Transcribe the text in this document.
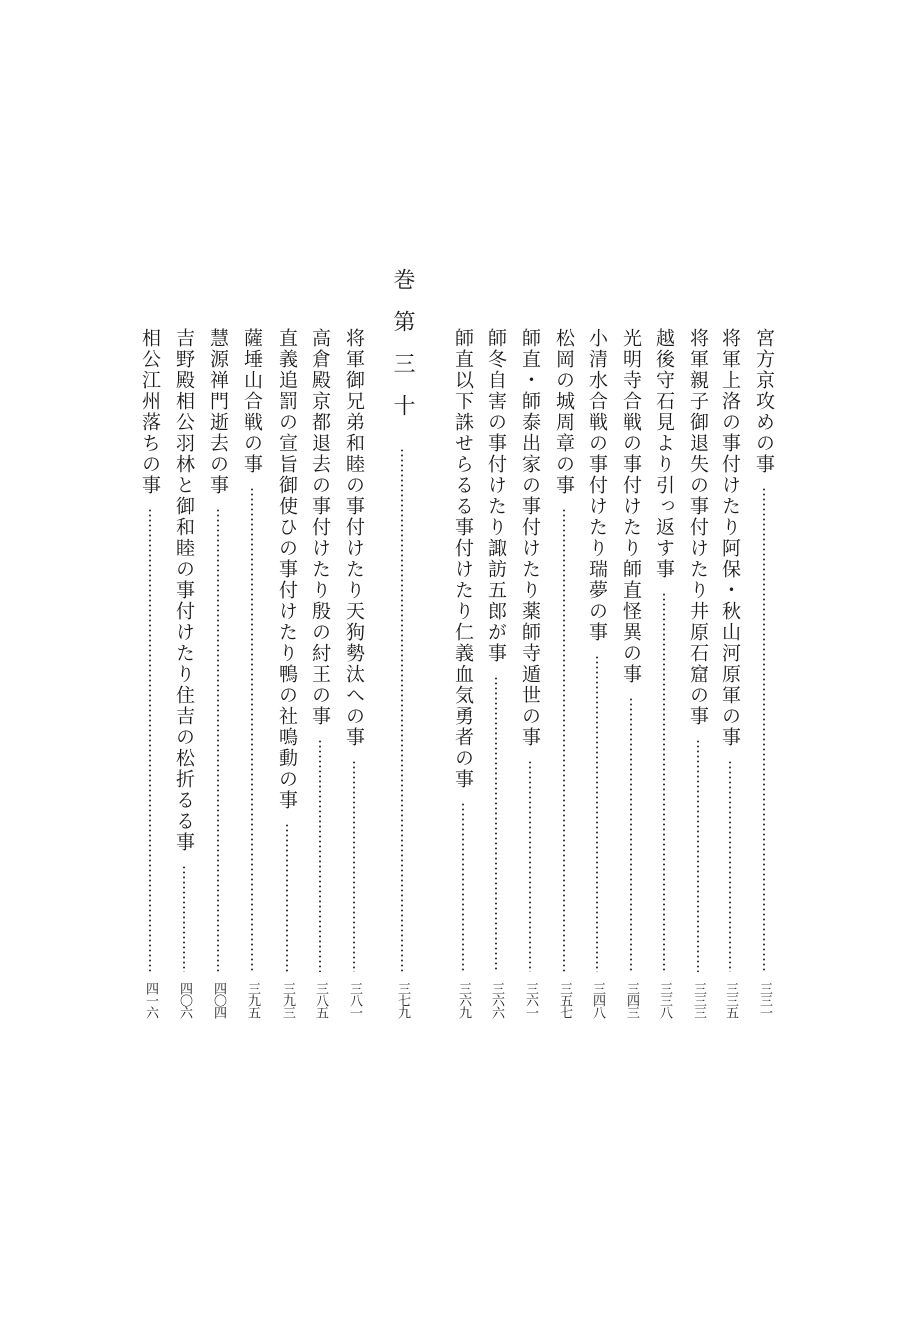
宮方京攻めの事
三三一
将軍上洛の事付けたり阿保・秋山河原軍の事
三三五
将軍親子御退失の事付けたり井原石窟の事
三三三
越後守石見より引っ返す事
三三八
光明寺合戦の事付けたり師直怪異の事
三四三
小清水合戦の事付けたり瑞夢の事
三四八
松岡の城周章の事
三五七
師直・師泰出家の事付けたり薬師寺遁世の事
三六一
師冬自害の事付けたり諏訪五郎が事
三六六
師直以下誅せらるる事付けたり仁義血気勇者の事
三六九
巻第三十
三七九
将軍御兄弟和睦の事付けたり天狗勢汰への事
三八一
高倉殿京都退去の事付けたり殷の紂王の事
三八五
直義追罰の宣旨御使ひの事付けたり鴨の社鳴動の事
三九三
薩埵山合戦の事
三九五
慧源禅門逝去の事
四〇四
吉野殿相公羽林と御和睦の事付けたり住吉の松折るる事
四〇六
相公江州落ちの事
四一六
